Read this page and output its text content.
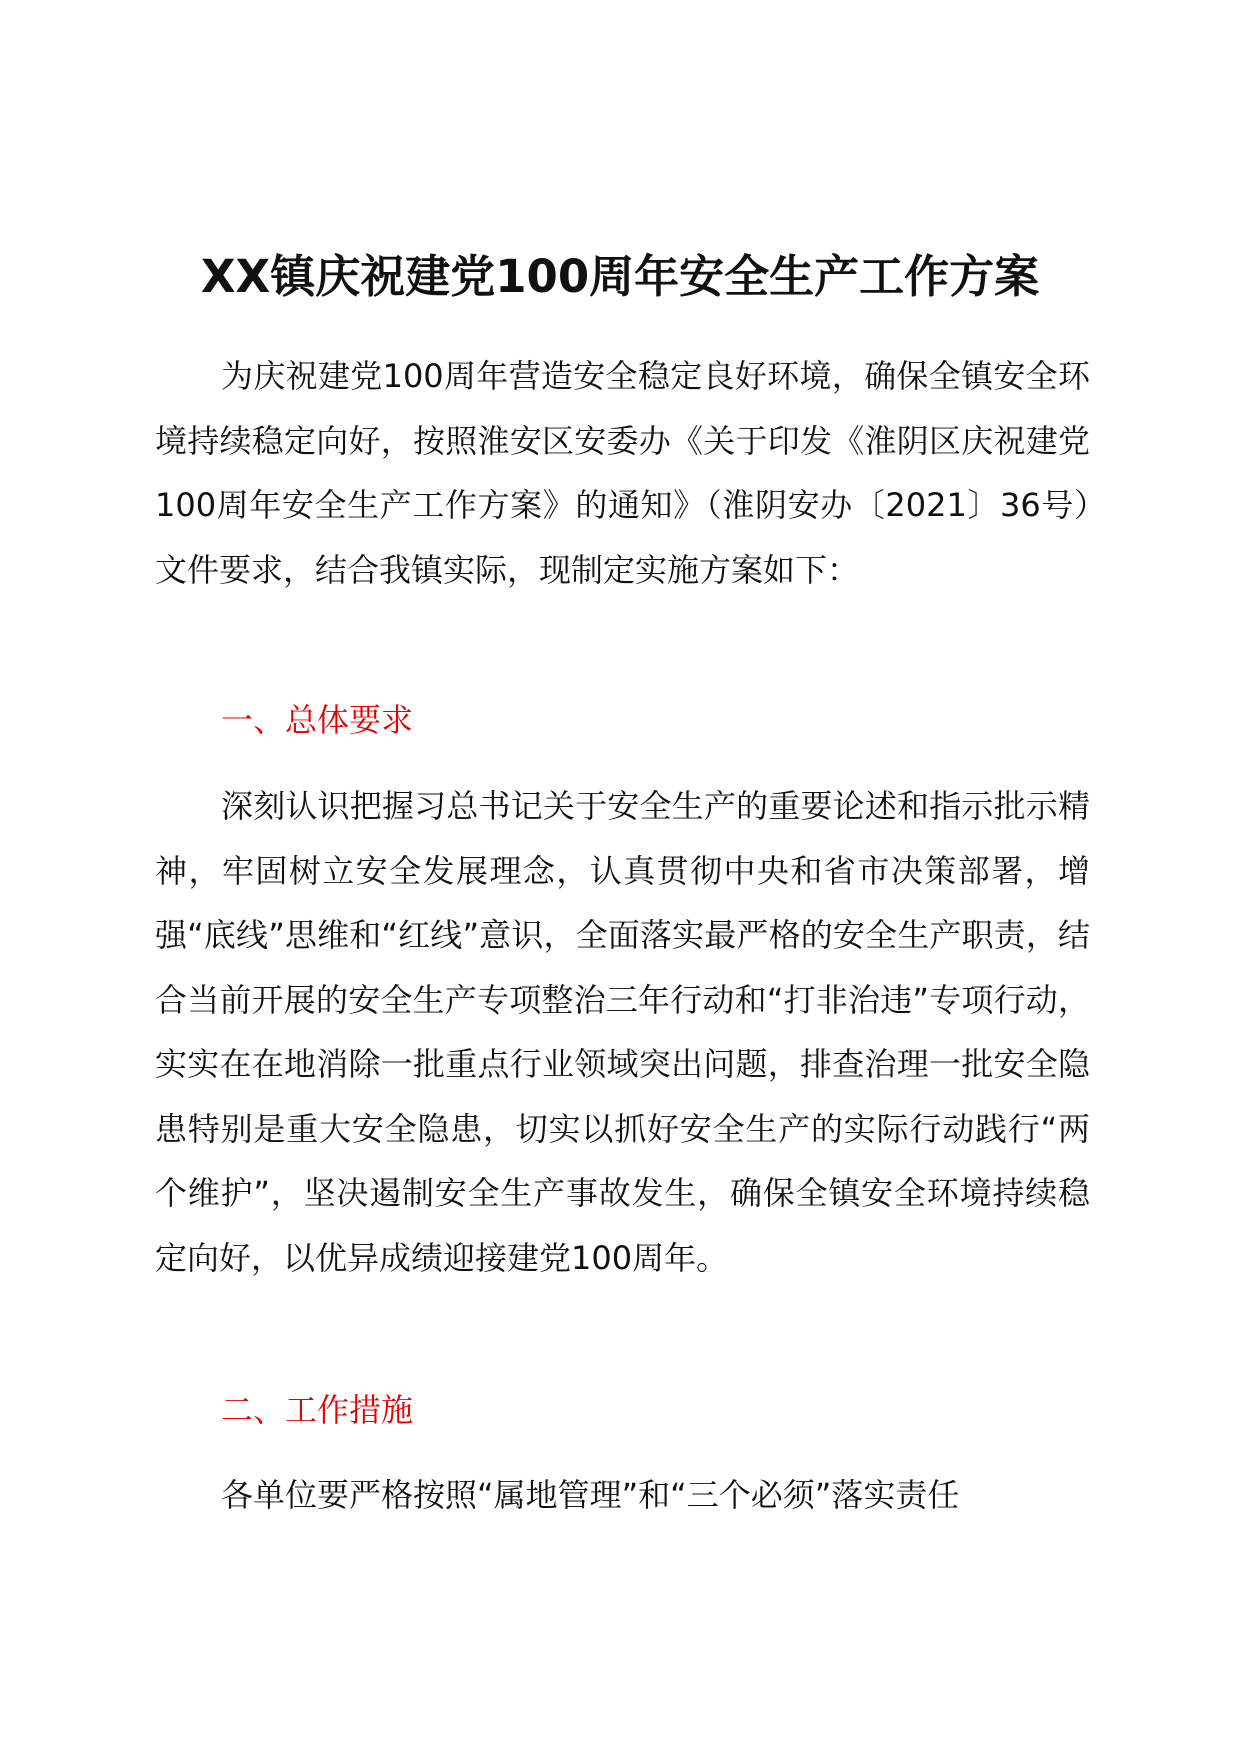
XX镇庆祝建党100周年安全生产工作方案

为庆祝建党100周年营造安全稳定良好环境，确保全镇安全环境持续稳定向好，按照淮安区安委办《关于印发《淮阴区庆祝建党100周年安全生产工作方案》的通知》（淮阴安办〔2021〕36号）文件要求，结合我镇实际，现制定实施方案如下：

一、总体要求

深刻认识把握习总书记关于安全生产的重要论述和指示批示精神，牢固树立安全发展理念，认真贯彻中央和省市决策部署，增强“底线”思维和“红线”意识，全面落实最严格的安全生产职责，结合当前开展的安全生产专项整治三年行动和“打非治违”专项行动，实实在在地消除一批重点行业领域突出问题，排查治理一批安全隐患特别是重大安全隐患，切实以抓好安全生产的实际行动践行“两个维护”，坚决遏制安全生产事故发生，确保全镇安全环境持续稳定向好，以优异成绩迎接建党100周年。

二、工作措施

各单位要严格按照“属地管理”和“三个必须”落实责任
